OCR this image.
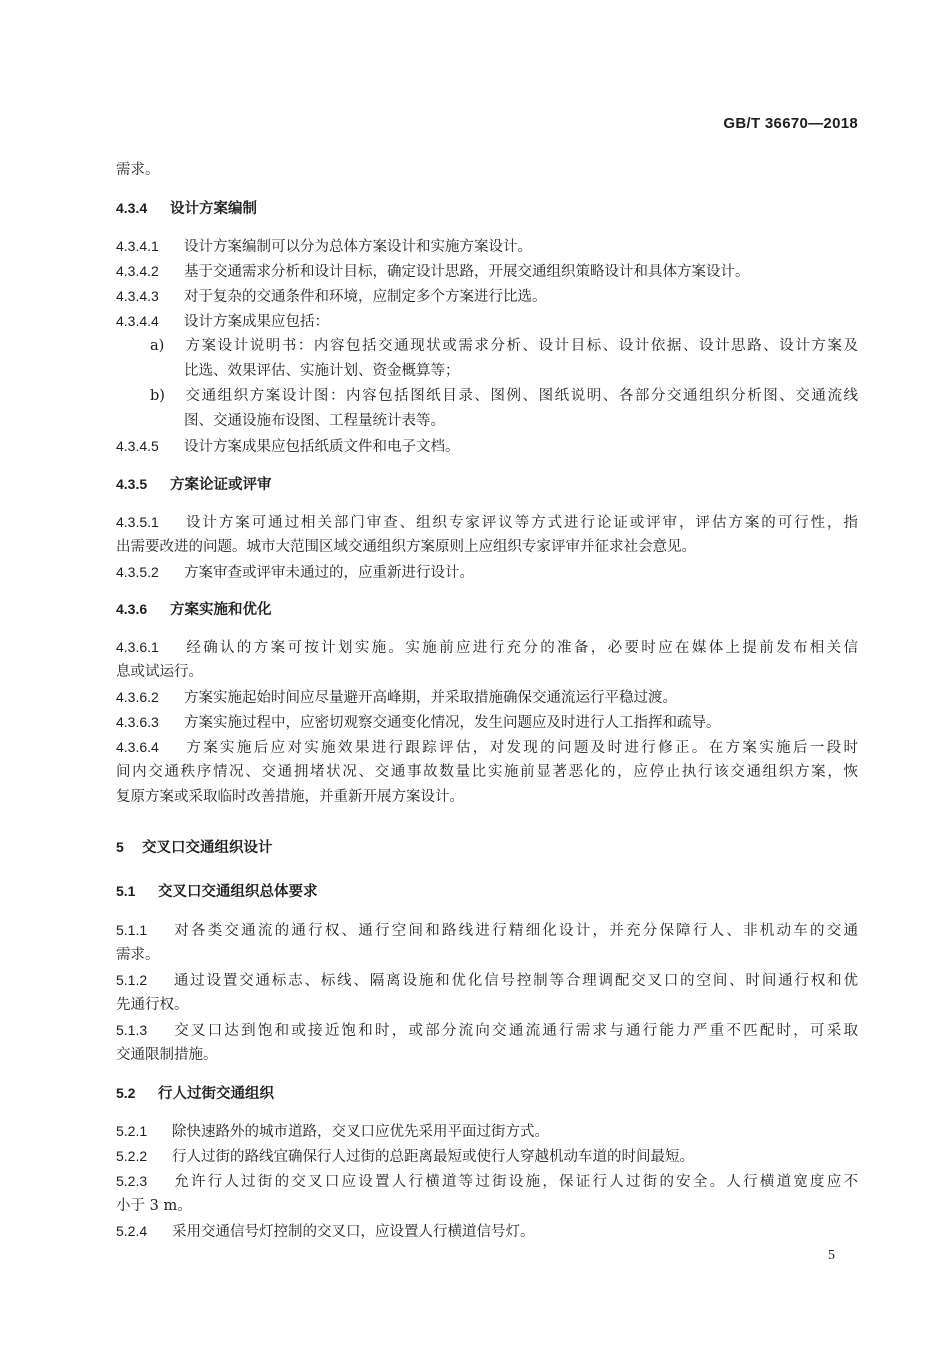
GB/T 36670—2018
需求。
4.3.4 设计方案编制
4.3.4.1 设计方案编制可以分为总体方案设计和实施方案设计。
4.3.4.2 基于交通需求分析和设计目标，确定设计思路，开展交通组织策略设计和具体方案设计。
4.3.4.3 对于复杂的交通条件和环境，应制定多个方案进行比选。
4.3.4.4 设计方案成果应包括：
a) 方案设计说明书：内容包括交通现状或需求分析、设计目标、设计依据、设计思路、设计方案及
比选、效果评估、实施计划、资金概算等；
b) 交通组织方案设计图：内容包括图纸目录、图例、图纸说明、各部分交通组织分析图、交通流线
图、交通设施布设图、工程量统计表等。
4.3.4.5 设计方案成果应包括纸质文件和电子文档。
4.3.5 方案论证或评审
4.3.5.1 设计方案可通过相关部门审查、组织专家评议等方式进行论证或评审，评估方案的可行性，指
出需要改进的问题。城市大范围区域交通组织方案原则上应组织专家评审并征求社会意见。
4.3.5.2 方案审查或评审未通过的，应重新进行设计。
4.3.6 方案实施和优化
4.3.6.1 经确认的方案可按计划实施。实施前应进行充分的准备，必要时应在媒体上提前发布相关信
息或试运行。
4.3.6.2 方案实施起始时间应尽量避开高峰期，并采取措施确保交通流运行平稳过渡。
4.3.6.3 方案实施过程中，应密切观察交通变化情况，发生问题应及时进行人工指挥和疏导。
4.3.6.4 方案实施后应对实施效果进行跟踪评估，对发现的问题及时进行修正。在方案实施后一段时
间内交通秩序情况、交通拥堵状况、交通事故数量比实施前显著恶化的，应停止执行该交通组织方案，恢
复原方案或采取临时改善措施，并重新开展方案设计。
5 交叉口交通组织设计
5.1 交叉口交通组织总体要求
5.1.1 对各类交通流的通行权、通行空间和路线进行精细化设计，并充分保障行人、非机动车的交通
需求。
5.1.2 通过设置交通标志、标线、隔离设施和优化信号控制等合理调配交叉口的空间、时间通行权和优
先通行权。
5.1.3 交叉口达到饱和或接近饱和时，或部分流向交通流通行需求与通行能力严重不匹配时，可采取
交通限制措施。
5.2 行人过街交通组织
5.2.1 除快速路外的城市道路，交叉口应优先采用平面过街方式。
5.2.2 行人过街的路线宜确保行人过街的总距离最短或使行人穿越机动车道的时间最短。
5.2.3 允许行人过街的交叉口应设置人行横道等过街设施，保证行人过街的安全。人行横道宽度应不
小于 3 m。
5.2.4 采用交通信号灯控制的交叉口，应设置人行横道信号灯。
5
